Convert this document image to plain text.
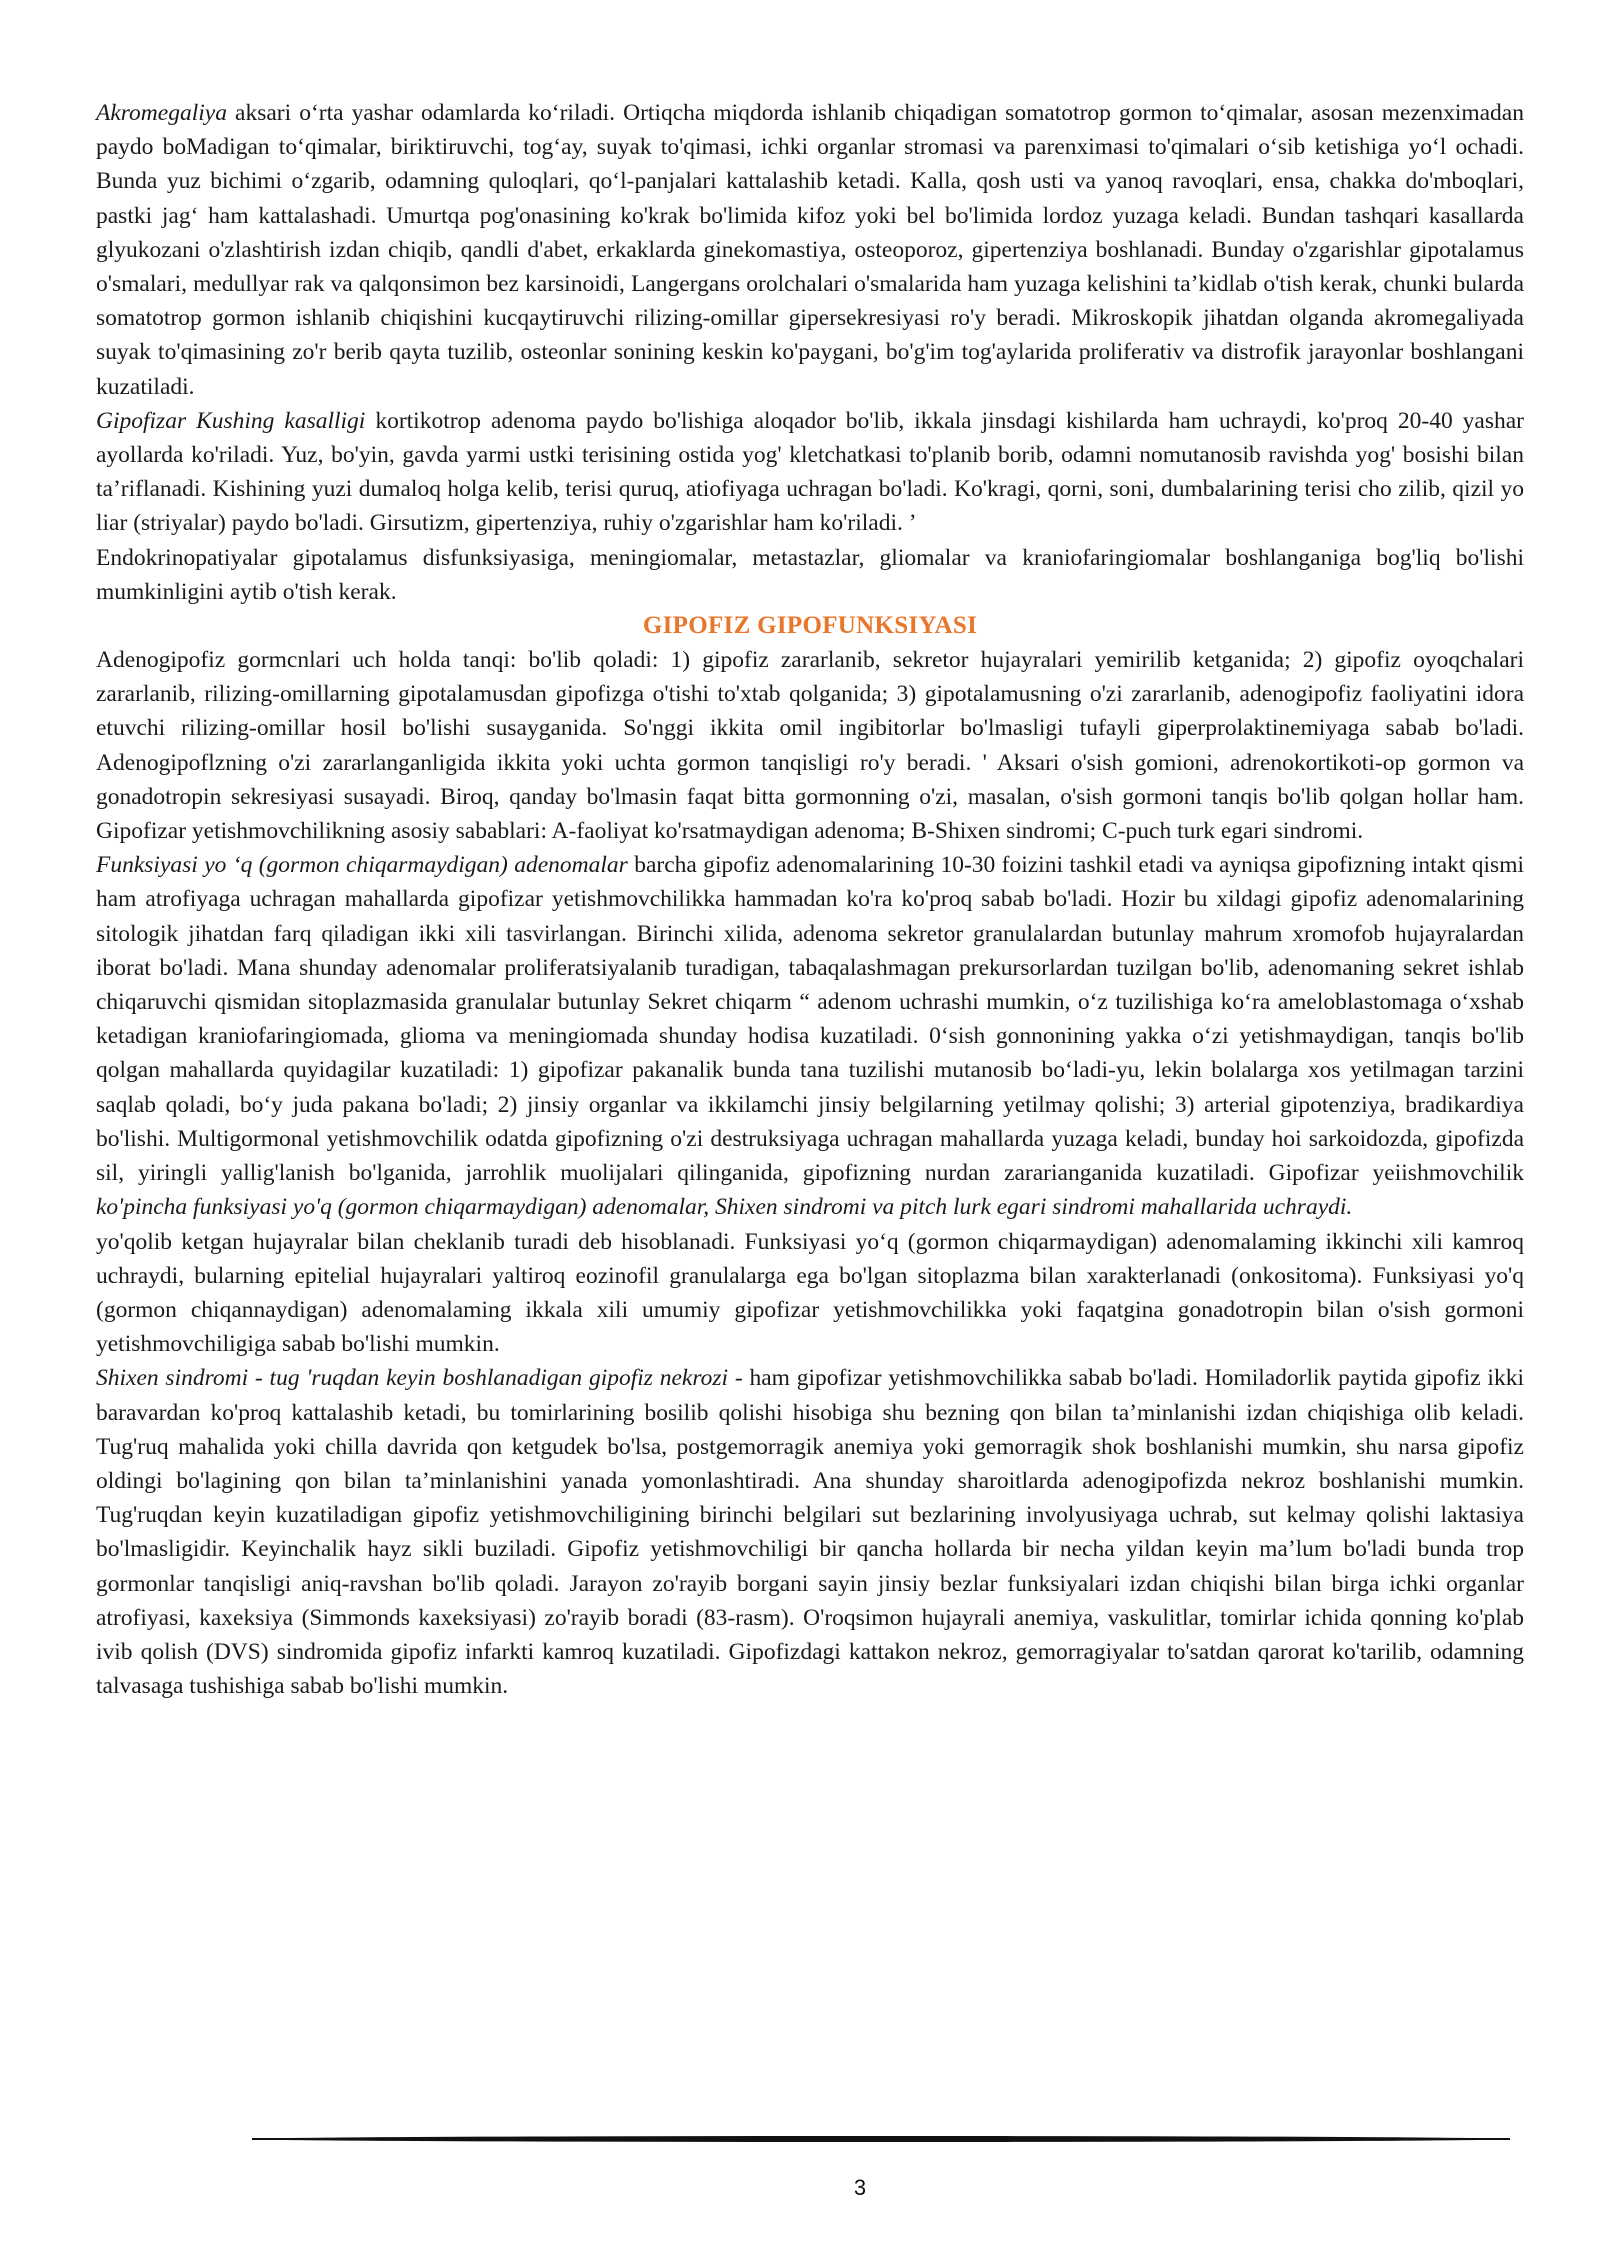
Akromegaliya aksari o‘rta yashar odamlarda ko‘riladi. Ortiqcha miqdorda ishlanib chiqadigan somatotrop gormon to‘qimalar, asosan mezenximadan paydo boMadigan to‘qimalar, biriktiruvchi, tog‘ay, suyak to'qimasi, ichki organlar stromasi va parenximasi to'qimalari o‘sib ketishiga yo‘l ochadi. Bunda yuz bichimi o‘zgarib, odamning quloqlari, qo‘l-panjalari kattalashib ketadi. Kalla, qosh usti va yanoq ravoqlari, ensa, chakka do'mboqlari, pastki jag‘ ham kattalashadi. Umurtqa pog'onasining ko'krak bo'limida kifoz yoki bel bo'limida lordoz yuzaga keladi. Bundan tashqari kasallarda glyukozani o'zlashtirish izdan chiqib, qandli d'abet, erkaklarda ginekomastiya, osteoporoz, gipertenziya boshlanadi. Bunday o'zgarishlar gipotalamus o'smalari, medullyar rak va qalqonsimon bez karsinoidi, Langergans orolchalari o'smalarida ham yuzaga kelishini ta’kidlab o'tish kerak, chunki bularda somatotrop gormon ishlanib chiqishini kucqaytiruvchi rilizing-omillar gipersekresiyasi ro'y beradi. Mikroskopik jihatdan olganda akromegaliyada suyak to'qimasining zo'r berib qayta tuzilib, osteonlar sonining keskin ko'paygani, bo'g'im tog'aylarida proliferativ va distrofik jarayonlar boshlangani kuzatiladi.

Gipofizar Kushing kasalligi kortikotrop adenoma paydo bo'lishiga aloqador bo'lib, ikkala jinsdagi kishilarda ham uchraydi, ko'proq 20-40 yashar ayollarda ko'riladi. Yuz, bo'yin, gavda yarmi ustki terisining ostida yog' kletchatkasi to'planib borib, odamni nomutanosib ravishda yog' bosishi bilan ta’riflanadi. Kishining yuzi dumaloq holga kelib, terisi quruq, atiofiyaga uchragan bo'ladi. Ko'kragi, qorni, soni, dumbalarining terisi cho zilib, qizil yo liar (striyalar) paydo bo'ladi. Girsutizm, gipertenziya, ruhiy o'zgarishlar ham ko'riladi. ’

Endokrinopatiyalar gipotalamus disfunksiyasiga, meningiomalar, metastazlar, gliomalar va kraniofaringiomalar boshlanganiga bog'liq bo'lishi mumkinligini aytib o'tish kerak.

GIPOFIZ GIPOFUNKSIYASI

Adenogipofiz gormcnlari uch holda tanqi: bo'lib qoladi: 1) gipofiz zararlanib, sekretor hujayralari yemirilib ketganida; 2) gipofiz oyoqchalari zararlanib, rilizing-omillarning gipotalamusdan gipofizga o'tishi to'xtab qolganida; 3) gipotalamusning o'zi zararlanib, adenogipofiz faoliyatini idora etuvchi rilizing-omillar hosil bo'lishi susayganida. So'nggi ikkita omil ingibitorlar bo'lmasligi tufayli giperprolaktinemiyaga sabab bo'ladi. Adenogipoflzning o'zi zararlanganligida ikkita yoki uchta gormon tanqisligi ro'y beradi. ' Aksari o'sish gomioni, adrenokortikoti-op gormon va gonadotropin sekresiyasi susayadi. Biroq, qanday bo'lmasin faqat bitta gormonning o'zi, masalan, o'sish gormoni tanqis bo'lib qolgan hollar ham. Gipofizar yetishmovchilikning asosiy sabablari: A-faoliyat ko'rsatmaydigan adenoma; B-Shixen sindromi; C-puch turk egari sindromi.

Funksiyasi yo ‘q (gormon chiqarmaydigan) adenomalar barcha gipofiz adenomalarining 10-30 foizini tashkil etadi va ayniqsa gipofizning intakt qismi ham atrofiyaga uchragan mahallarda gipofizar yetishmovchilikka hammadan ko'ra ko'proq sabab bo'ladi. Hozir bu xildagi gipofiz adenomalarining sitologik jihatdan farq qiladigan ikki xili tasvirlangan. Birinchi xilida, adenoma sekretor granulalardan butunlay mahrum xromofob hujayralardan iborat bo'ladi. Mana shunday adenomalar proliferatsiyalanib turadigan, tabaqalashmagan prekursorlardan tuzilgan bo'lib, adenomaning sekret ishlab chiqaruvchi qismidan sitoplazmasida granulalar butunlay Sekret chiqarm “ adenom uchrashi mumkin, o‘z tuzilishiga ko‘ra ameloblastomaga o‘xshab ketadigan kraniofaringiomada, glioma va meningiomada shunday hodisa kuzatiladi. 0‘sish gonnonining yakka o‘zi yetishmaydigan, tanqis bo'lib qolgan mahallarda quyidagilar kuzatiladi: 1) gipofizar pakanalik bunda tana tuzilishi mutanosib bo‘ladi-yu, lekin bolalarga xos yetilmagan tarzini saqlab qoladi, bo‘y juda pakana bo'ladi; 2) jinsiy organlar va ikkilamchi jinsiy belgilarning yetilmay qolishi; 3) arterial gipotenziya, bradikardiya bo'lishi. Multigormonal yetishmovchilik odatda gipofizning o'zi destruksiyaga uchragan mahallarda yuzaga keladi, bunday hoi sarkoidozda, gipofizda sil, yiringli yallig'lanish bo'lganida, jarrohlik muolijalari qilinganida, gipofizning nurdan zararianganida kuzatiladi. Gipofizar yeiishmovchilik ko'pincha funksiyasi yo'q (gormon chiqarmaydigan) adenomalar, Shixen sindromi va pitch lurk egari sindromi mahallarida uchraydi.

yo'qolib ketgan hujayralar bilan cheklanib turadi deb hisoblanadi. Funksiyasi yo‘q (gormon chiqarmaydigan) adenomalaming ikkinchi xili kamroq uchraydi, bularning epitelial hujayralari yaltiroq eozinofil granulalarga ega bo'lgan sitoplazma bilan xarakterlanadi (onkositoma). Funksiyasi yo'q (gormon chiqannaydigan) adenomalaming ikkala xili umumiy gipofizar yetishmovchilikka yoki faqatgina gonadotropin bilan o'sish gormoni yetishmovchiligiga sabab bo'lishi mumkin.

Shixen sindromi - tug 'ruqdan keyin boshlanadigan gipofiz nekrozi - ham gipofizar yetishmovchilikka sabab bo'ladi. Homiladorlik paytida gipofiz ikki baravardan ko'proq kattalashib ketadi, bu tomirlarining bosilib qolishi hisobiga shu bezning qon bilan ta’minlanishi izdan chiqishiga olib keladi. Tug'ruq mahalida yoki chilla davrida qon ketgudek bo'lsa, postgemorragik anemiya yoki gemorragik shok boshlanishi mumkin, shu narsa gipofiz oldingi bo'lagining qon bilan ta’minlanishini yanada yomonlashtiradi. Ana shunday sharoitlarda adenogipofizda nekroz boshlanishi mumkin. Tug'ruqdan keyin kuzatiladigan gipofiz yetishmovchiligining birinchi belgilari sut bezlarining involyusiyaga uchrab, sut kelmay qolishi laktasiya bo'lmasligidir. Keyinchalik hayz sikli buziladi. Gipofiz yetishmovchiligi bir qancha hollarda bir necha yildan keyin ma’lum bo'ladi bunda trop gormonlar tanqisligi aniq-ravshan bo'lib qoladi. Jarayon zo'rayib borgani sayin jinsiy bezlar funksiyalari izdan chiqishi bilan birga ichki organlar atrofiyasi, kaxeksiya (Simmonds kaxeksiyasi) zo'rayib boradi (83-rasm). O'roqsimon hujayrali anemiya, vaskulitlar, tomirlar ichida qonning ko'plab ivib qolish (DVS) sindromida gipofiz infarkti kamroq kuzatiladi. Gipofizdagi kattakon nekroz, gemorragiyalar to'satdan qarorat ko'tarilib, odamning talvasaga tushishiga sabab bo'lishi mumkin.

3
